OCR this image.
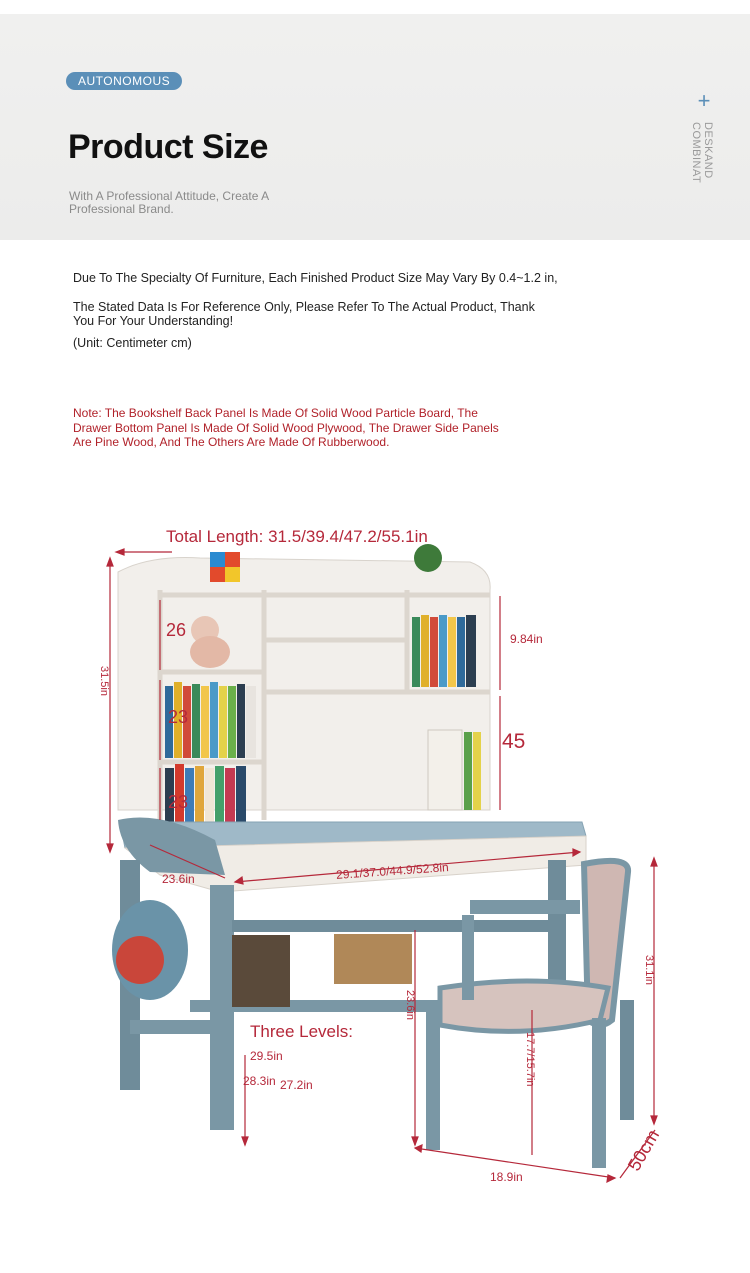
AUTONOMOUS
Product Size
With A Professional Attitude, Create A Professional Brand.
+
DESKAND COMBINAT
Due To The Specialty Of Furniture, Each Finished Product Size May Vary By 0.4~1.2 in,
The Stated Data Is For Reference Only, Please Refer To The Actual Product, Thank You For Your Understanding!
(Unit: Centimeter cm)
Note: The Bookshelf Back Panel Is Made Of Solid Wood Particle Board, The Drawer Bottom Panel Is Made Of Solid Wood Plywood, The Drawer Side Panels Are Pine Wood, And The Others Are Made Of Rubberwood.
Total Length: 31.5/39.4/47.2/55.1in
31.5in
26
23
23
9.84in
45
23.6in	29.1/37.0/44.9/52.8in
23.6in
Three Levels:
29.5in
28.3in 27.2in
31.1in
17.7/15.7in
18.9in
50cm
